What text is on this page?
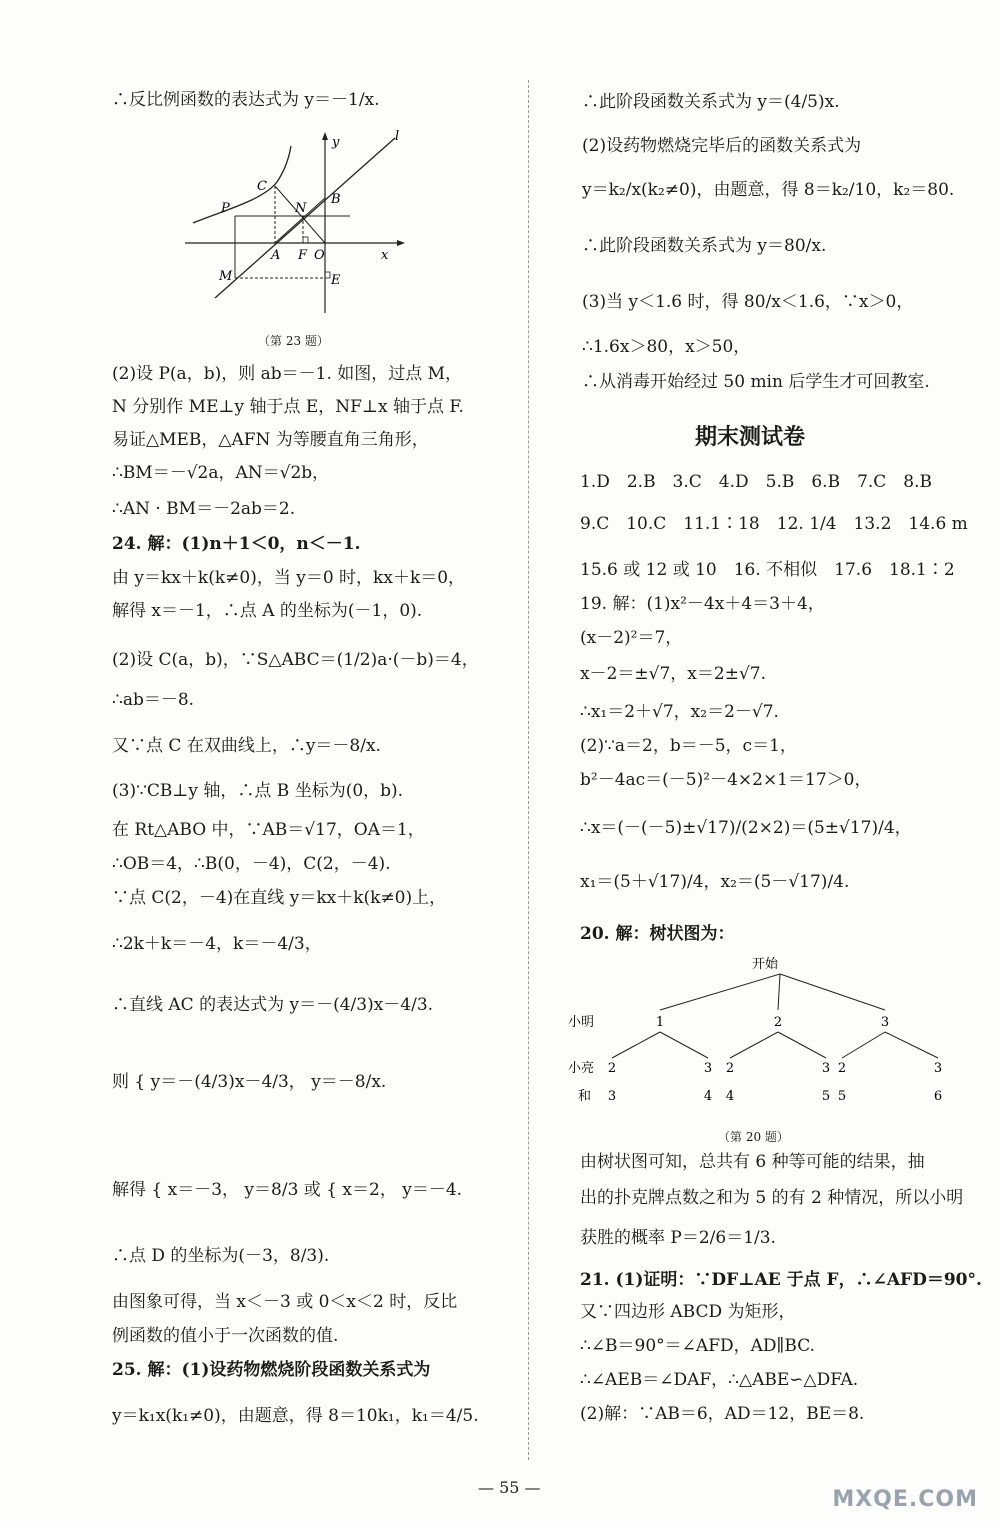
∴反比例函数的表达式为 y＝－1/x.
y	l
C
P	N
B
A F O	x
M	E
（第 23 题）
(2)设 P(a，b)，则 ab＝－1. 如图，过点 M，
N 分别作 ME⊥y 轴于点 E，NF⊥x 轴于点 F.
易证△MEB，△AFN 为等腰直角三角形，
∴BM＝－√2a，AN＝√2b，
∴AN · BM＝－2ab＝2.
24. 解：(1)n＋1＜0，n＜－1.
由 y＝kx＋k(k≠0)，当 y＝0 时，kx＋k＝0，
解得 x＝－1，∴点 A 的坐标为(－1，0).
(2)设 C(a，b)，∵S△ABC＝(1/2)a·(－b)＝4，
∴ab＝－8.
又∵点 C 在双曲线上，∴y＝－8/x.
(3)∵CB⊥y 轴，∴点 B 坐标为(0，b).
在 Rt△ABO 中，∵AB＝√17，OA＝1，
∴OB＝4，∴B(0，－4)，C(2，－4).
∵点 C(2，－4)在直线 y＝kx＋k(k≠0)上，
∴2k＋k＝－4，k＝－4/3，
∴直线 AC 的表达式为 y＝－(4/3)x－4/3.
则 { y＝－(4/3)x－4/3， y＝－8/x.
解得 { x＝－3， y＝8/3 或 { x＝2， y＝－4.
∴点 D 的坐标为(－3，8/3).
由图象可得，当 x＜－3 或 0＜x＜2 时，反比
例函数的值小于一次函数的值.
25. 解：(1)设药物燃烧阶段函数关系式为
y＝k₁x(k₁≠0)，由题意，得 8＝10k₁，k₁＝4/5.
∴此阶段函数关系式为 y＝(4/5)x.
(2)设药物燃烧完毕后的函数关系式为
y＝k₂/x(k₂≠0)，由题意，得 8＝k₂/10，k₂＝80.
∴此阶段函数关系式为 y＝80/x.
(3)当 y＜1.6 时，得 80/x＜1.6，∵x＞0，
∴1.6x＞80，x＞50，
∴从消毒开始经过 50 min 后学生才可回教室.
期末测试卷
1.D　2.B　3.C　4.D　5.B　6.B　7.C　8.B
9.C　10.C　11.1∶18　12. 1/4　13.2　14.6 m
15.6 或 12 或 10　16. 不相似　17.6　18.1∶2
19. 解：(1)x²－4x＋4＝3＋4，
(x－2)²＝7，
x－2＝±√7，x＝2±√7.
∴x₁＝2＋√7，x₂＝2－√7.
(2)∵a＝2，b＝－5，c＝1，
b²－4ac＝(－5)²－4×2×1＝17＞0，
∴x＝(－(－5)±√17)/(2×2)＝(5±√17)/4，
x₁＝(5＋√17)/4，x₂＝(5－√17)/4.
20. 解：树状图为：
开始
小明	1	2	3
小亮 2	3 2	3 2	3
和 3	4 4	5 5	6
（第 20 题）
由树状图可知，总共有 6 种等可能的结果，抽
出的扑克牌点数之和为 5 的有 2 种情况，所以小明
获胜的概率 P＝2/6＝1/3.
21. (1)证明：∵DF⊥AE 于点 F，∴∠AFD＝90°.
又∵四边形 ABCD 为矩形，
∴∠B＝90°＝∠AFD，AD∥BC.
∴∠AEB＝∠DAF，∴△ABE∽△DFA.
(2)解：∵AB＝6，AD＝12，BE＝8.
— 55 —	MXQE.COM
